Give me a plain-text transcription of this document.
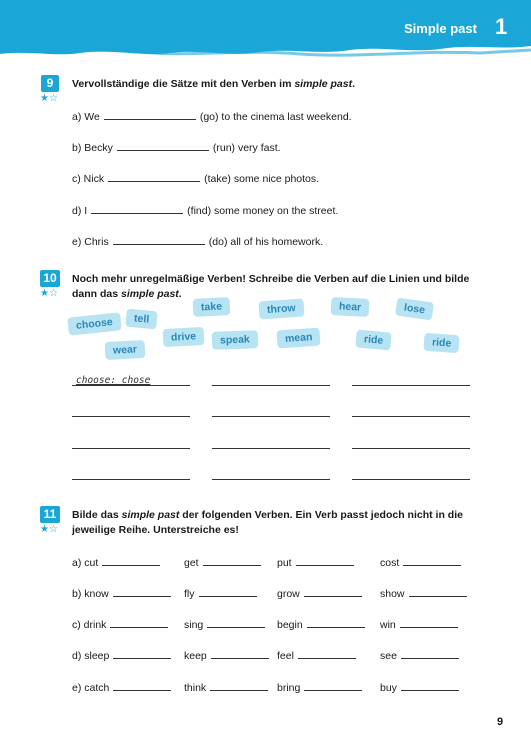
Simple past 1
9
★☆
Vervollständige die Sätze mit den Verben im simple past.
a) We	(go) to the cinema last weekend.
b) Becky	(run) very fast.
c) Nick	(take) some nice photos.
d) I	(find) some money on the street.
e) Chris	(do) all of his homework.
10
★☆
Noch mehr unregelmäßige Verben! Schreibe die Verben auf die Linien und bilde dann das simple past.
choose	tell
take	throw	hear	lose
drive	speak	mean	ride	ride
wear
choose: chose
11
★☆
Bilde das simple past der folgenden Verben. Ein Verb passt jedoch nicht in die jeweilige Reihe. Unterstreiche es!
a) cut	get	put	cost
b) know	fly	grow	show
c) drink	sing	begin	win
d) sleep	keep	feel	see
e) catch	think	bring	buy
9
